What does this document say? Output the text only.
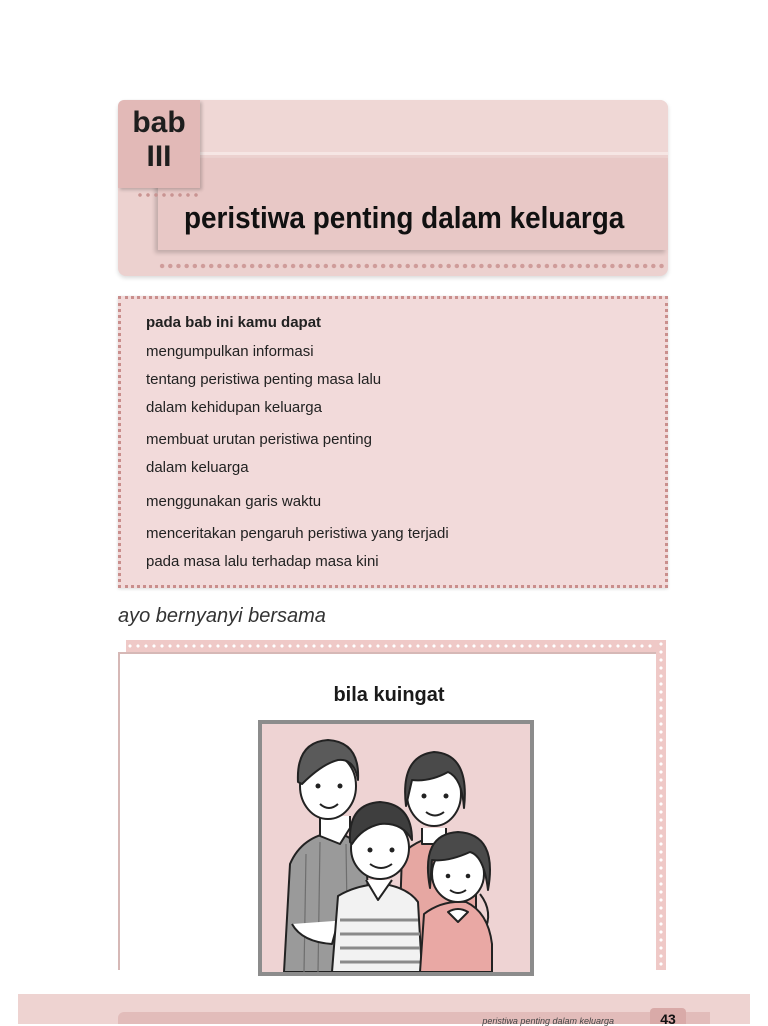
bab
III
peristiwa penting dalam keluarga
pada bab ini kamu dapat
mengumpulkan informasi
tentang peristiwa penting masa lalu
dalam kehidupan keluarga
membuat urutan peristiwa penting
dalam keluarga
menggunakan garis waktu
menceritakan pengaruh peristiwa yang terjadi
pada masa lalu terhadap masa kini
ayo bernyanyi bersama
bila kuingat
peristiwa penting dalam keluarga	43
